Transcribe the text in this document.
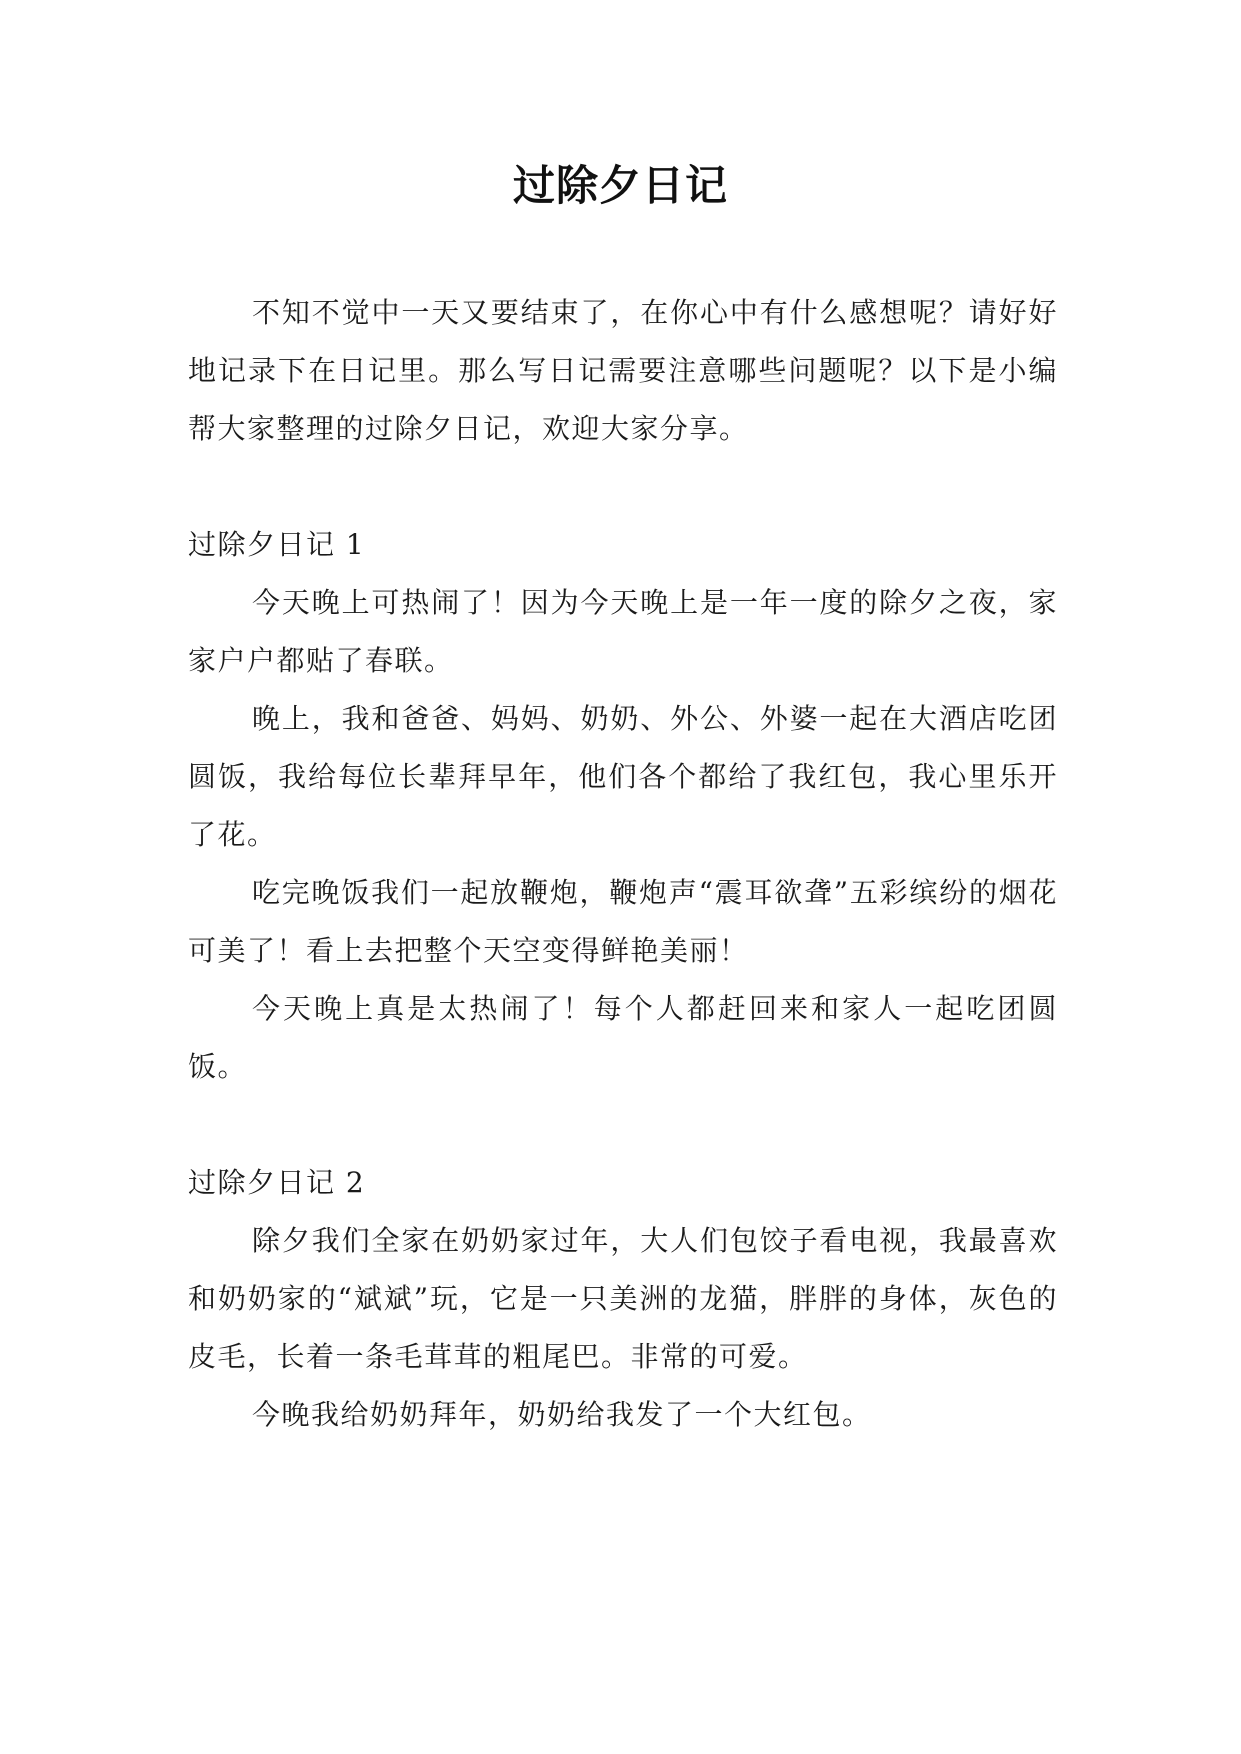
过除夕日记

不知不觉中一天又要结束了，在你心中有什么感想呢？请好好地记录下在日记里。那么写日记需要注意哪些问题呢？以下是小编帮大家整理的过除夕日记，欢迎大家分享。

过除夕日记 1

今天晚上可热闹了！因为今天晚上是一年一度的除夕之夜，家家户户都贴了春联。

晚上，我和爸爸、妈妈、奶奶、外公、外婆一起在大酒店吃团圆饭，我给每位长辈拜早年，他们各个都给了我红包，我心里乐开了花。

吃完晚饭我们一起放鞭炮，鞭炮声“震耳欲聋”五彩缤纷的烟花可美了！看上去把整个天空变得鲜艳美丽！

今天晚上真是太热闹了！每个人都赶回来和家人一起吃团圆饭。

过除夕日记 2

除夕我们全家在奶奶家过年，大人们包饺子看电视，我最喜欢和奶奶家的“斌斌”玩，它是一只美洲的龙猫，胖胖的身体，灰色的皮毛，长着一条毛茸茸的粗尾巴。非常的可爱。

今晚我给奶奶拜年，奶奶给我发了一个大红包。
